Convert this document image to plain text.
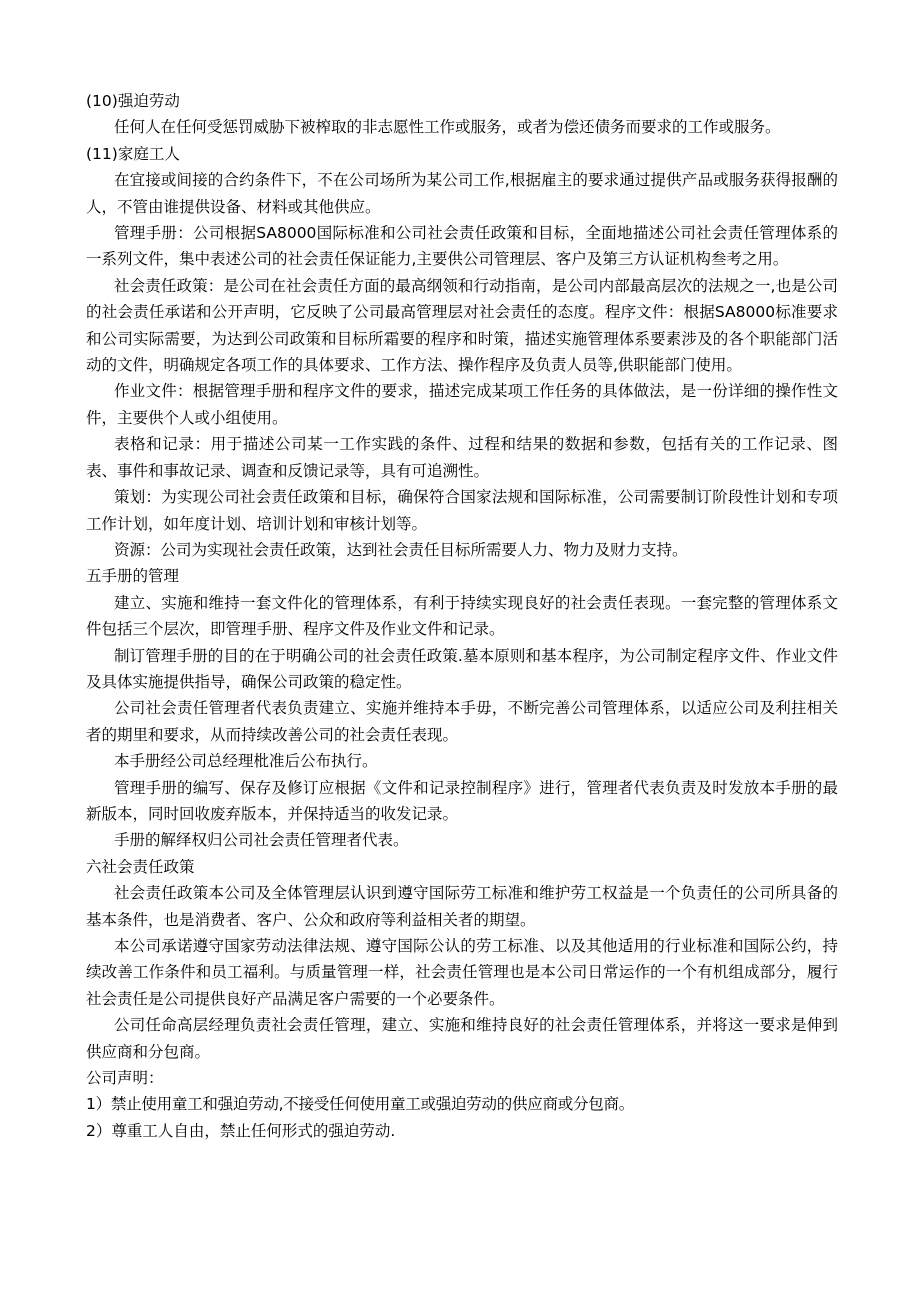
(10)强迫劳动

任何人在任何受惩罚威胁下被榨取的非志愿性工作或服务，或者为偿还债务而要求的工作或服务。

(11)家庭工人

在宜接或间接的合约条件下，不在公司场所为某公司工作,根据雇主的要求通过提供产品或服务获得报酬的人，不管由谁提供设备、材料或其他供应。

管理手册：公司根据SA8000国际标准和公司社会责任政策和目标，全面地描述公司社会责任管理体系的一系列文件，集中表述公司的社会责任保证能力,主要供公司管理层、客户及第三方认证机构叁考之用。

社会责任政策：是公司在社会责任方面的最高纲领和行动指南，是公司内部最高层次的法规之一,也是公司的社会责任承诺和公开声明，它反映了公司最高管理层对社会责任的态度。程序文件：根据SA8000标准要求和公司实际需要，为达到公司政策和目标所霜要的程序和时策，描述实施管理体系要素涉及的各个职能部门活动的文件，明确规定各项工作的具体要求、工作方法、操作程序及负责人员等,供职能部门使用。

作业文件：根据管理手册和程序文件的要求，描述完成某项工作任务的具体做法，是一份详细的操作性文件，主要供个人或小组使用。

表格和记录：用于描述公司某一工作实践的条件、过程和结果的数据和参数，包括有关的工作记录、图表、事件和事故记录、调查和反馈记录等，具有可追溯性。

策划：为实现公司社会责任政策和目标，确保符合国家法规和国际标准，公司需要制订阶段性计划和专项工作计划，如年度计划、培训计划和审核计划等。

资源：公司为实现社会责任政策，达到社会责任目标所需要人力、物力及财力支持。

五手册的管理

建立、实施和维持一套文件化的管理体系，有利于持续实现良好的社会责任表现。一套完整的管理体系文件包括三个层次，即管理手册、程序文件及作业文件和记录。

制订管理手册的目的在于明确公司的社会责任政策.墓本原则和基本程序，为公司制定程序文件、作业文件及具体实施提供指导，确保公司政策的稳定性。

公司社会责任管理者代表负责建立、实施并维持本手毋，不断完善公司管理体系，以适应公司及利拄相关者的期里和要求，从而持续改善公司的社会责任表现。

本手册经公司总经理枇准后公布执行。

管理手册的编写、保存及修订应根据《文件和记录控制程序》进行，管理者代表负责及时发放本手册的最新版本，同时回收废弃版本，并保持适当的收发记录。

手册的解绎权归公司社会责任管理者代表。

六社会责任政策

社会责任政策本公司及全体管理层认识到遵守国际劳工标准和维护劳工权益是一个负责任的公司所具备的基本条件，也是消费者、客户、公众和政府等利益相关者的期望。

本公司承诺遵守国家劳动法律法规、遵守国际公认的劳工标准、以及其他适用的行业标准和国际公约，持续改善工作条件和员工福利。与质量管理一样，社会责任管理也是本公司日常运作的一个有机组成部分，履行社会责任是公司提供良好产品满足客户需要的一个必要条件。

公司任命高层经理负责社会责任管理，建立、实施和维持良好的社会责任管理体系，并将这一要求是伸到供应商和分包商。

公司声明：

1）禁止使用童工和强迫劳动,不接受任何使用童工或强迫劳动的供应商或分包商。

2）尊重工人自由，禁止任何形式的强迫劳动.
